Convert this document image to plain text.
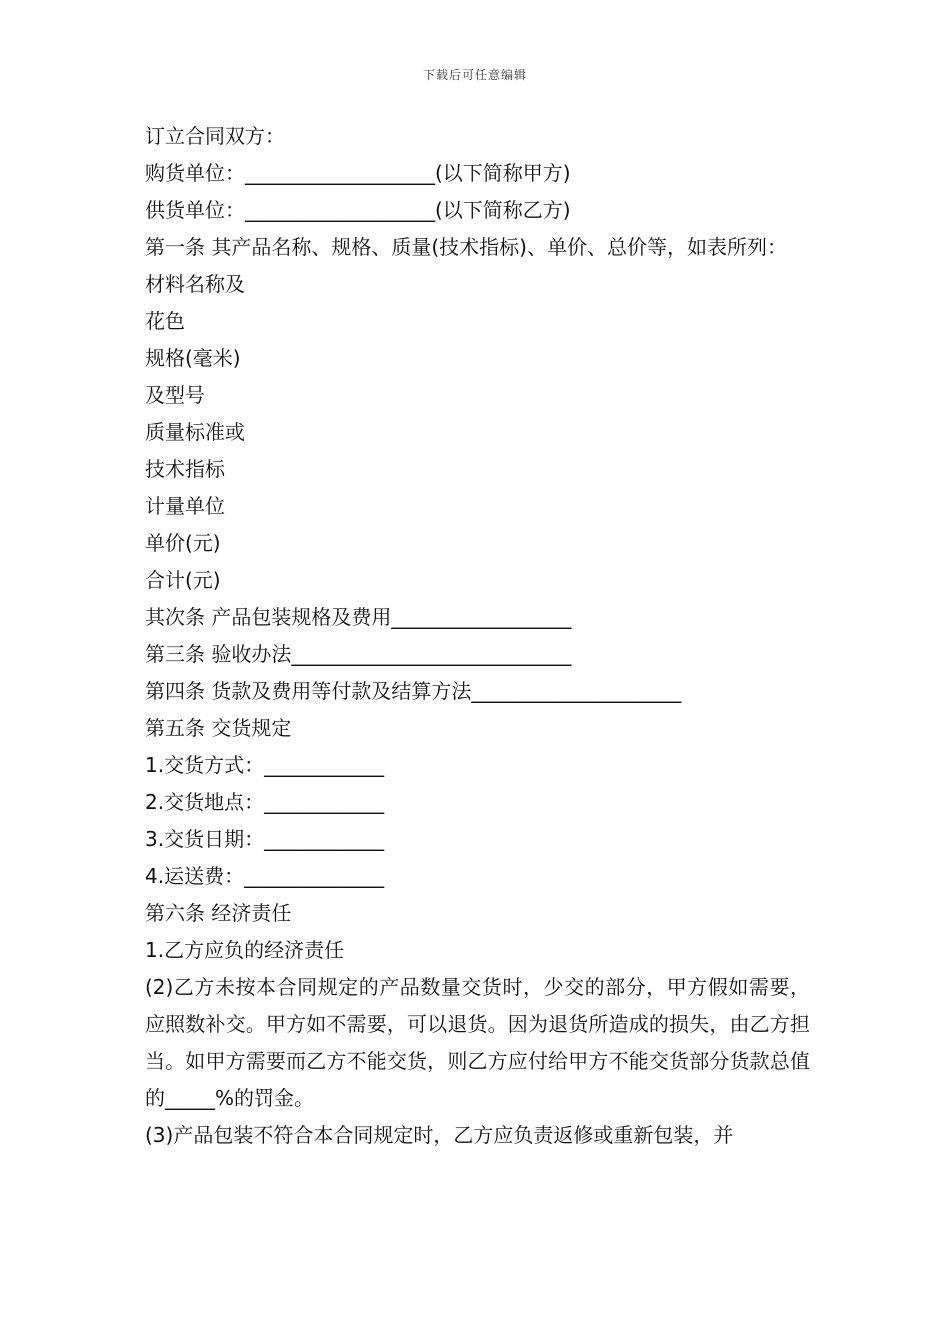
下载后可任意编辑
订立合同双方：
购货单位：___________________(以下简称甲方)
供货单位：___________________(以下简称乙方)
第一条 其产品名称、规格、质量(技术指标)、单价、总价等，如表所列：
材料名称及
花色
规格(毫米)
及型号
质量标准或
技术指标
计量单位
单价(元)
合计(元)
其次条 产品包装规格及费用__________________
第三条 验收办法____________________________
第四条 货款及费用等付款及结算方法_____________________
第五条 交货规定
1.交货方式：____________
2.交货地点：____________
3.交货日期：____________
4.运送费：______________
第六条 经济责任
1.乙方应负的经济责任
(2)乙方未按本合同规定的产品数量交货时，少交的部分，甲方假如需要，应照数补交。甲方如不需要，可以退货。因为退货所造成的损失，由乙方担当。如甲方需要而乙方不能交货，则乙方应付给甲方不能交货部分货款总值的_____%的罚金。
(3)产品包装不符合本合同规定时，乙方应负责返修或重新包装，并
